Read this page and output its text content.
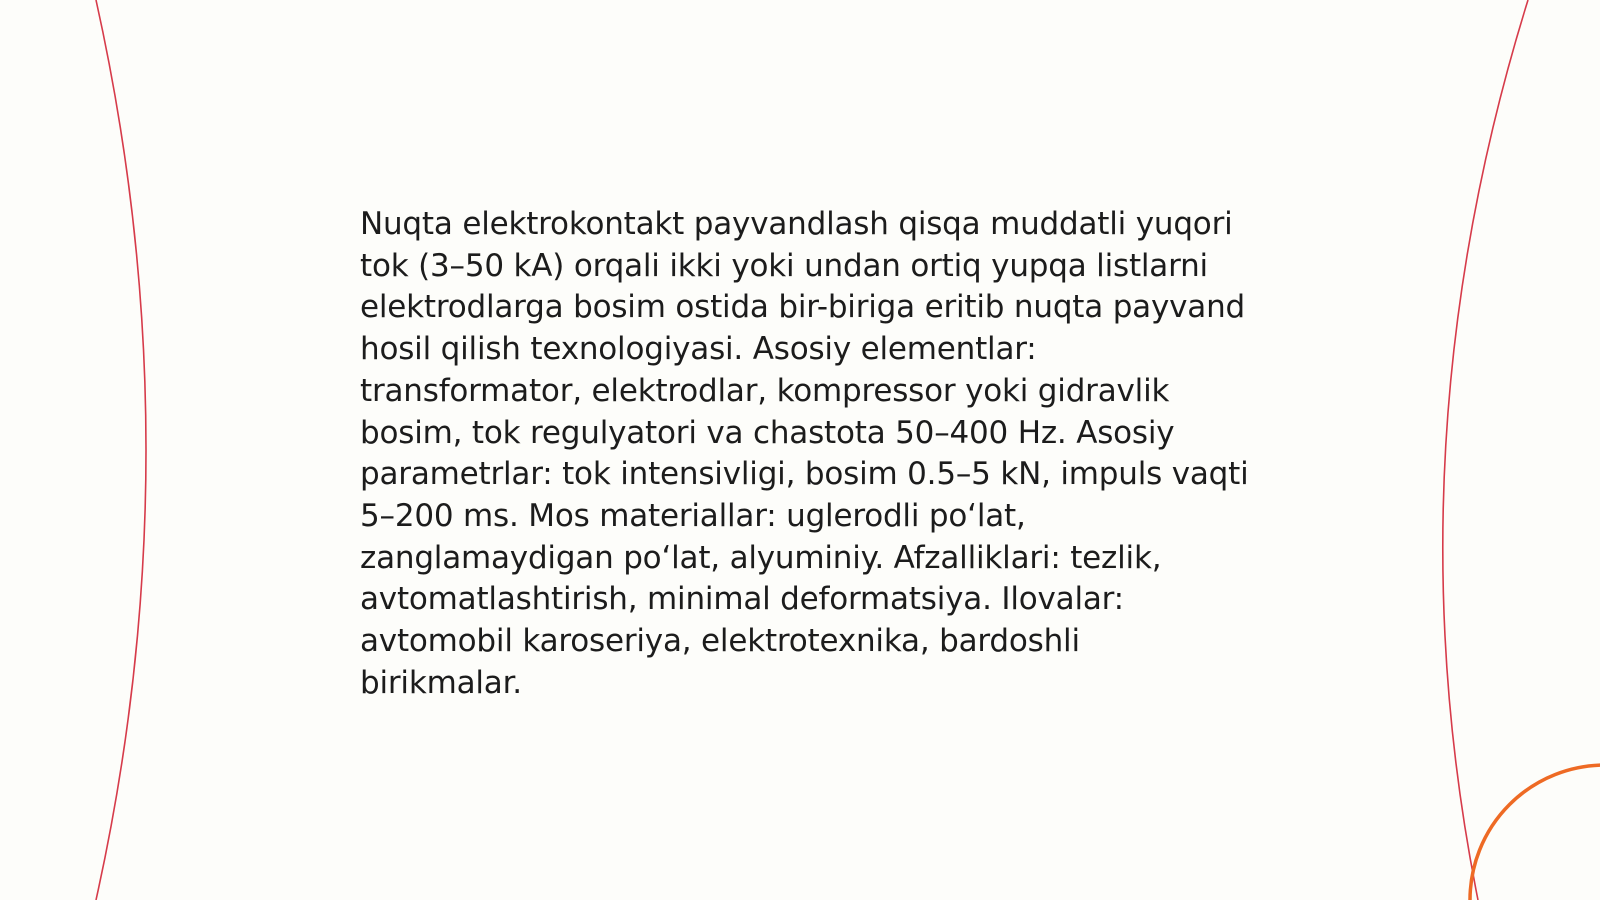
Nuqta elektrokontakt payvandlash qisqa muddatli yuqori tok (3–50 kA) orqali ikki yoki undan ortiq yupqa listlarni elektrodlarga bosim ostida bir-biriga eritib nuqta payvand hosil qilish texnologiyasi. Asosiy elementlar: transformator, elektrodlar, kompressor yoki gidravlik bosim, tok regulyatori va chastota 50–400 Hz. Asosiy parametrlar: tok intensivligi, bosim 0.5–5 kN, impuls vaqti 5–200 ms. Mos materiallar: uglerodli po‘lat, zanglamaydigan po‘lat, alyuminiy. Afzalliklari: tezlik, avtomatlashtirish, minimal deformatsiya. Ilovalar: avtomobil karoseriya, elektrotexnika, bardoshli birikmalar.
